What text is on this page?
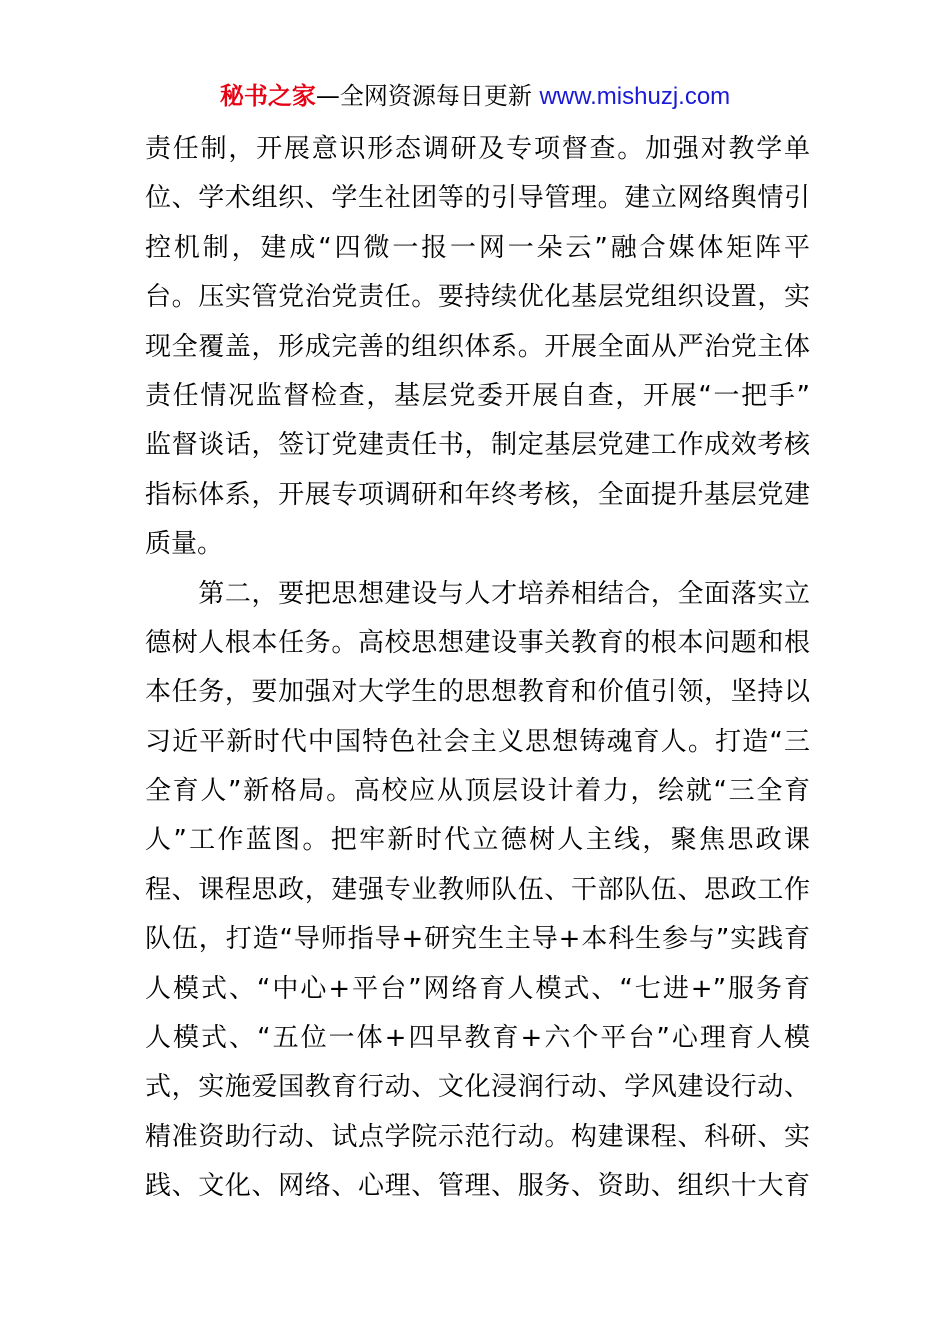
秘书之家—全网资源每日更新 www.mishuzj.com
责任制，开展意识形态调研及专项督查。加强对教学单
位、学术组织、学生社团等的引导管理。建立网络舆情引
控机制，建成“四微一报一网一朵云”融合媒体矩阵平
台。压实管党治党责任。要持续优化基层党组织设置，实
现全覆盖，形成完善的组织体系。开展全面从严治党主体
责任情况监督检查，基层党委开展自查，开展“一把手”
监督谈话，签订党建责任书，制定基层党建工作成效考核
指标体系，开展专项调研和年终考核，全面提升基层党建
质量。
　　第二，要把思想建设与人才培养相结合，全面落实立
德树人根本任务。高校思想建设事关教育的根本问题和根
本任务，要加强对大学生的思想教育和价值引领，坚持以
习近平新时代中国特色社会主义思想铸魂育人。打造“三
全育人”新格局。高校应从顶层设计着力，绘就“三全育
人”工作蓝图。把牢新时代立德树人主线，聚焦思政课
程、课程思政，建强专业教师队伍、干部队伍、思政工作
队伍，打造“导师指导+研究生主导+本科生参与”实践育
人模式、“中心+平台”网络育人模式、“七进+”服务育
人模式、“五位一体+四早教育+六个平台”心理育人模
式，实施爱国教育行动、文化浸润行动、学风建设行动、
精准资助行动、试点学院示范行动。构建课程、科研、实
践、文化、网络、心理、管理、服务、资助、组织十大育
